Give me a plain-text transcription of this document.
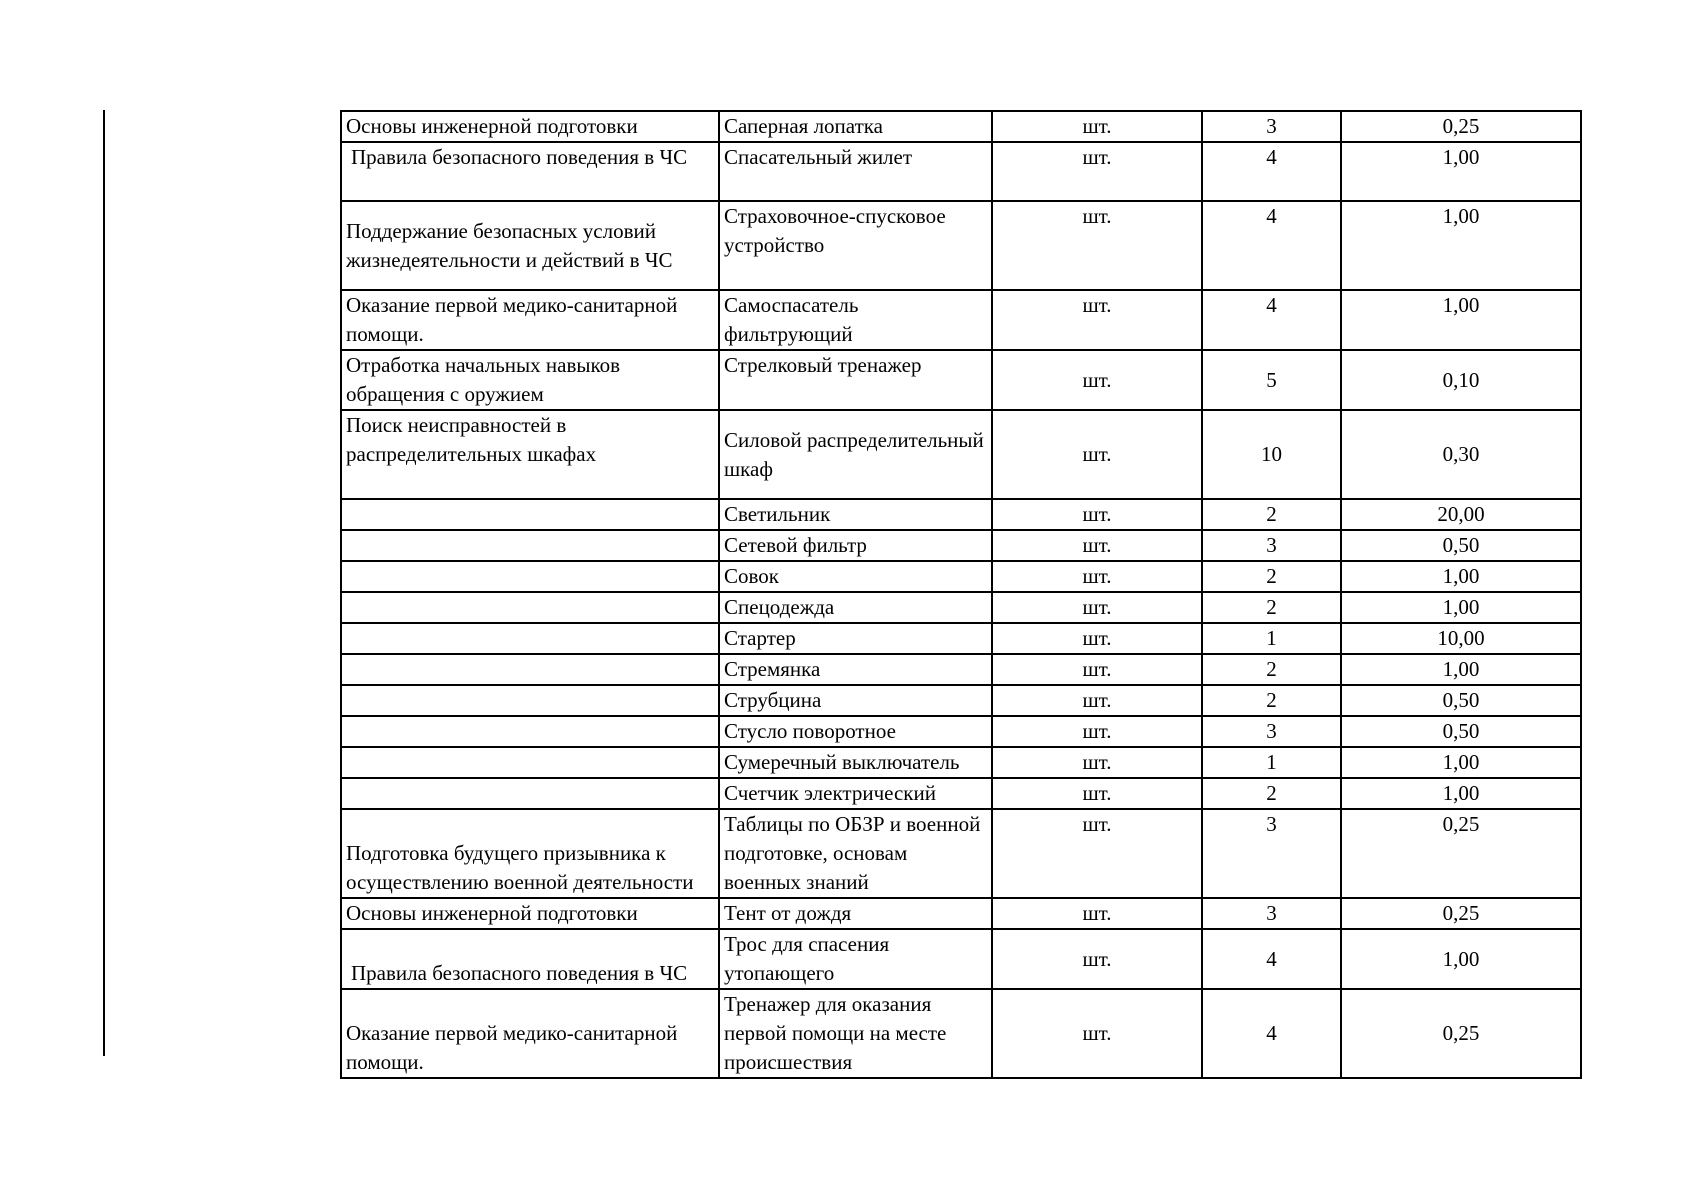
Основы инженерной подготовки	Саперная лопатка	шт.	3	0,25
Правила безопасного поведения в ЧС	Спасательный жилет	шт.	4	1,00
Поддержание безопасных условий жизнедеятельности и действий в ЧС	Страховочное-спусковое устройство	шт.	4	1,00
Оказание первой медико-санитарной помощи.	Самоспасатель фильтрующий	шт.	4	1,00
Отработка начальных навыков обращения с оружием	Стрелковый тренажер	шт.	5	0,10
Поиск неисправностей в распределительных шкафах	Силовой распределительный шкаф	шт.	10	0,30
	Светильник	шт.	2	20,00
	Сетевой фильтр	шт.	3	0,50
	Совок	шт.	2	1,00
	Спецодежда	шт.	2	1,00
	Стартер	шт.	1	10,00
	Стремянка	шт.	2	1,00
	Струбцина	шт.	2	0,50
	Стусло поворотное	шт.	3	0,50
	Сумеречный выключатель	шт.	1	1,00
	Счетчик электрический	шт.	2	1,00
Подготовка будущего призывника к осуществлению военной деятельности	Таблицы по ОБЗР и военной подготовке, основам военных знаний	шт.	3	0,25
Основы инженерной подготовки	Тент от дождя	шт.	3	0,25
Правила безопасного поведения в ЧС	Трос для спасения утопающего	шт.	4	1,00
Оказание первой медико-санитарной помощи.	Тренажер для оказания первой помощи на месте происшествия	шт.	4	0,25
